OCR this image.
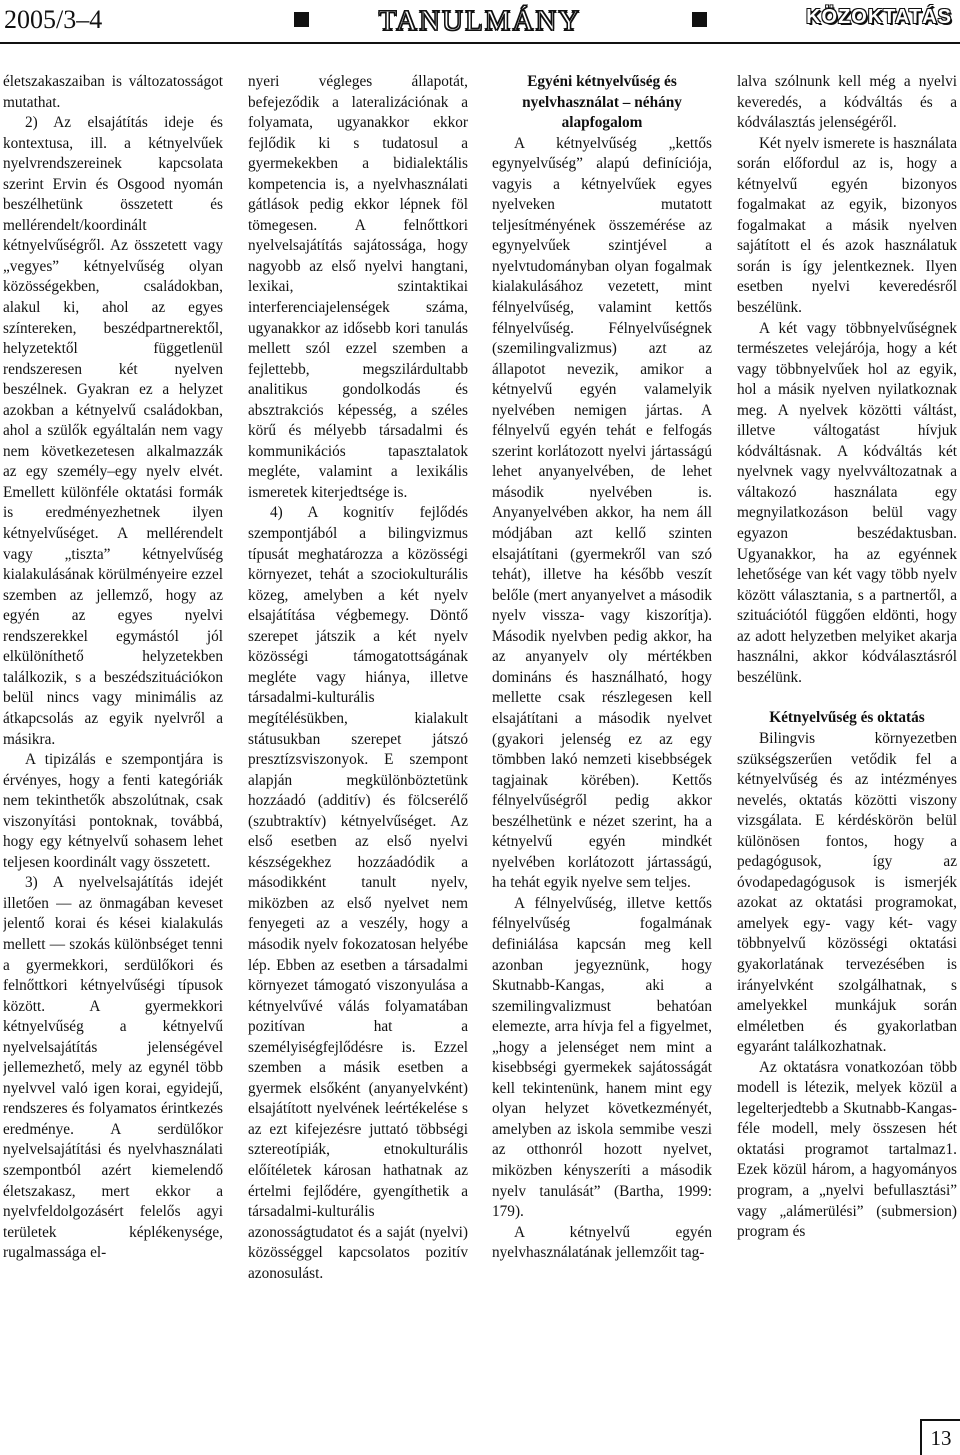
2005/3–4	TANULMÁNY	KÖZOKTATÁS

életszakaszaiban is változatosságot mutathat.

2) Az elsajátítás ideje és kontextusa, ill. a kétnyelvűek nyelvrendszereinek kapcsolata szerint Ervin és Osgood nyomán beszélhetünk összetett és mellérendelt/koordinált kétnyelvűségről. Az összetett vagy „vegyes” kétnyelvűség olyan közösségekben, családokban, alakul ki, ahol az egyes színtereken, beszédpartnerektől, helyzetektől függetlenül rendszeresen két nyelven beszélnek. Gyakran ez a helyzet azokban a kétnyelvű családokban, ahol a szülők egyáltalán nem vagy nem következetesen alkalmazzák az egy személy–egy nyelv elvét. Emellett különféle oktatási formák is eredményezhetnek ilyen kétnyelvűséget. A mellérendelt vagy „tiszta” kétnyelvűség kialakulásának körülményeire ezzel szemben az jellemző, hogy az egyén az egyes nyelvi rendszerekkel egymástól jól elkülöníthető helyzetekben találkozik, s a beszédszituációkon belül nincs vagy minimális az átkapcsolás az egyik nyelvről a másikra.

A tipizálás e szempontjára is érvényes, hogy a fenti kategóriák nem tekinthetők abszolútnak, csak viszonyítási pontoknak, továbbá, hogy egy kétnyelvű sohasem lehet teljesen koordinált vagy összetett.

3) A nyelvelsajátítás idejét illetően — az önmagában keveset jelentő korai és kései kialakulás mellett — szokás különbséget tenni a gyermekkori, serdülőkori és felnőttkori kétnyelvűségi típusok között. A gyermekkori kétnyelvűség a kétnyelvű nyelvelsajátítás jelenségével jellemezhető, mely az egynél több nyelvvel való igen korai, egyidejű, rendszeres és folyamatos érintkezés eredménye. A serdülőkor nyelvelsajátítási és nyelvhasználati szempontból azért kiemelendő életszakasz, mert ekkor a nyelvfeldolgozásért felelős agyi területek képlékenysége, rugalmassága el-

nyeri végleges állapotát, befejeződik a lateralizációnak a folyamata, ugyanakkor ekkor fejlődik ki s tudatosul a gyermekekben a bidialektális kompetencia is, a nyelvhasználati gátlások pedig ekkor lépnek föl tömegesen. A felnőttkori nyelvelsajátítás sajátossága, hogy nagyobb az első nyelvi hangtani, lexikai, szintaktikai interferenciajelenségek száma, ugyanakkor az idősebb kori tanulás mellett szól ezzel szemben a fejlettebb, megszilárdultabb analitikus gondolkodás és absztrakciós képesség, a széles körű és mélyebb társadalmi és kommunikációs tapasztalatok megléte, valamint a lexikális ismeretek kiterjedtsége is.

4) A kognitív fejlődés szempontjából a bilingvizmus típusát meghatározza a közösségi környezet, tehát a szociokulturális közeg, amelyben a két nyelv elsajátítása végbemegy. Döntő szerepet játszik a két nyelv közösségi támogatottságának megléte vagy hiánya, illetve társadalmi-kulturális megítélésükben, kialakult státusukban szerepet játszó presztízsviszonyok. E szempont alapján megkülönböztetünk hozzáadó (additív) és fölcserélő (szubtraktív) kétnyelvűséget. Az első esetben az első nyelvi készségekhez hozzáadódik a másodikként tanult nyelv, miközben az első nyelvet nem fenyegeti az a veszély, hogy a második nyelv fokozatosan helyébe lép. Ebben az esetben a társadalmi környezet támogató viszonyulása a kétnyelvűvé válás folyamatában pozitívan hat a személyiségfejlődésre is. Ezzel szemben a másik esetben a gyermek elsőként (anyanyelvként) elsajátított nyelvének leértékelése s az ezt kifejezésre juttató többségi sztereotípiák, etnokulturális előítéletek károsan hathatnak az értelmi fejlődére, gyengíthetik a társadalmi-kulturális azonosságtudatot és a saját (nyelvi) közösséggel kapcsolatos pozitív azonosulást.

Egyéni kétnyelvűség és nyelvhasználat – néhány alapfogalom

A kétnyelvűség „kettős egynyelvűség” alapú definíciója, vagyis a kétnyelvűek egyes nyelveken mutatott teljesítményének összemérése az egynyelvűek szintjével a nyelvtudományban olyan fogalmak kialakulásához vezetett, mint félnyelvűség, valamint kettős félnyelvűség. Félnyelvűségnek (szemilingvalizmus) azt az állapotot nevezik, amikor a kétnyelvű egyén valamelyik nyelvében nemigen jártas. A félnyelvű egyén tehát e felfogás szerint korlátozott nyelvi jártasságú lehet anyanyelvében, de lehet második nyelvében is. Anyanyelvében akkor, ha nem áll módjában azt kellő szinten elsajátítani (gyermekről van szó tehát), illetve ha később veszít belőle (mert anyanyelvet a második nyelv vissza- vagy kiszorítja). Második nyelvben pedig akkor, ha az anyanyelv oly mértékben domináns és használható, hogy mellette csak részlegesen kell elsajátítani a második nyelvet (gyakori jelenség ez az egy tömbben lakó nemzeti kisebbségek tagjainak körében). Kettős félnyelvűségről pedig akkor beszélhetünk e nézet szerint, ha a kétnyelvű egyén mindkét nyelvében korlátozott jártasságú, ha tehát egyik nyelve sem teljes.

A félnyelvűség, illetve kettős félnyelvűség fogalmának definiálása kapcsán meg kell azonban jegyeznünk, hogy Skutnabb-Kangas, aki a szemilingvalizmust behatóan elemezte, arra hívja fel a figyelmet, „hogy a jelenséget nem mint a kisebbségi gyermekek sajátosságát kell tekintenünk, hanem mint egy olyan helyzet következményét, amelyben az iskola semmibe veszi az otthonról hozott nyelvet, miközben kényszeríti a második nyelv tanulását” (Bartha, 1999: 179).

A kétnyelvű egyén nyelvhasználatának jellemzőit tag-

lalva szólnunk kell még a nyelvi keveredés, a kódváltás és a kódválasztás jelenségéről.

Két nyelv ismerete is használata során előfordul az is, hogy a kétnyelvű egyén bizonyos fogalmakat az egyik, bizonyos fogalmakat a másik nyelven sajátított el és azok használatuk során is így jelentkeznek. Ilyen esetben nyelvi keveredésről beszélünk.

A két vagy többnyelvűségnek természetes velejárója, hogy a két vagy többnyelvűek hol az egyik, hol a másik nyelven nyilatkoznak meg. A nyelvek közötti váltást, illetve váltogatást hívjuk kódváltásnak. A kódváltás két nyelvnek vagy nyelvváltozatnak a váltakozó használata egy megnyilatkozáson belül vagy egyazon beszédaktusban. Ugyanakkor, ha az egyénnek lehetősége van két vagy több nyelv között választania, s a partnertől, a szituációtól függően eldönti, hogy az adott helyzetben melyiket akarja használni, akkor kódválasztásról beszélünk.

Kétnyelvűség és oktatás

Bilingvis környezetben szükségszerűen vetődik fel a kétnyelvűség és az intézményes nevelés, oktatás közötti viszony vizsgálata. E kérdéskörön belül különösen fontos, hogy a pedagógusok, így az óvodapedagógusok is ismerjék azokat az oktatási programokat, amelyek egy- vagy két- vagy többnyelvű közösségi oktatási gyakorlatának tervezésében is irányelvként szolgálhatnak, s amelyekkel munkájuk során elméletben és gyakorlatban egyaránt találkozhatnak.

Az oktatásra vonatkozóan több modell is létezik, melyek közül a legelterjedtebb a Skutnabb-Kangas-féle modell, mely összesen hét oktatási programot tartalmaz1. Ezek közül három, a hagyományos program, a „nyelvi befullasztási” vagy „alámerülési” (submersion) program és

13
